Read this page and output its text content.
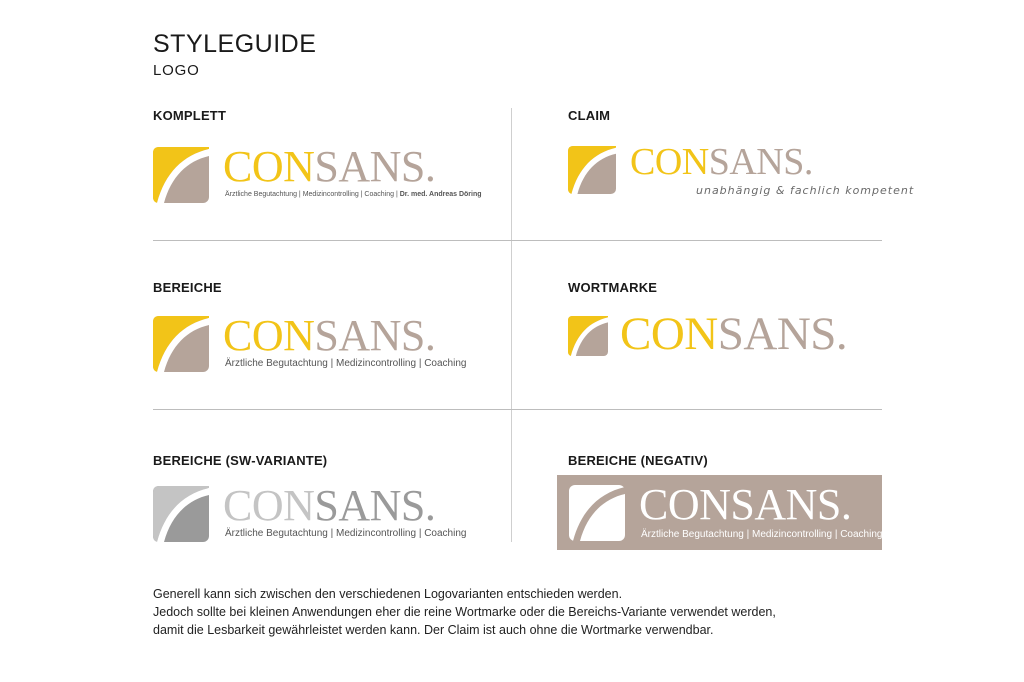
STYLEGUIDE
LOGO
KOMPLETT
CONSANS.
Ärztliche Begutachtung | Medizincontrolling | Coaching | Dr. med. Andreas Döring
CLAIM
CONSANS.
unabhängig & fachlich kompetent
BEREICHE
CONSANS.
Ärztliche Begutachtung | Medizincontrolling | Coaching
WORTMARKE
CONSANS.
BEREICHE (SW-VARIANTE)
CONSANS.
Ärztliche Begutachtung | Medizincontrolling | Coaching
BEREICHE (NEGATIV)
CONSANS.
Ärztliche Begutachtung | Medizincontrolling | Coaching

Generell kann sich zwischen den verschiedenen Logovarianten entschieden werden.

Jedoch sollte bei kleinen Anwendungen eher die reine Wortmarke oder die Bereichs-Variante verwendet werden,

damit die Lesbarkeit gewährleistet werden kann. Der Claim ist auch ohne die Wortmarke verwendbar.
